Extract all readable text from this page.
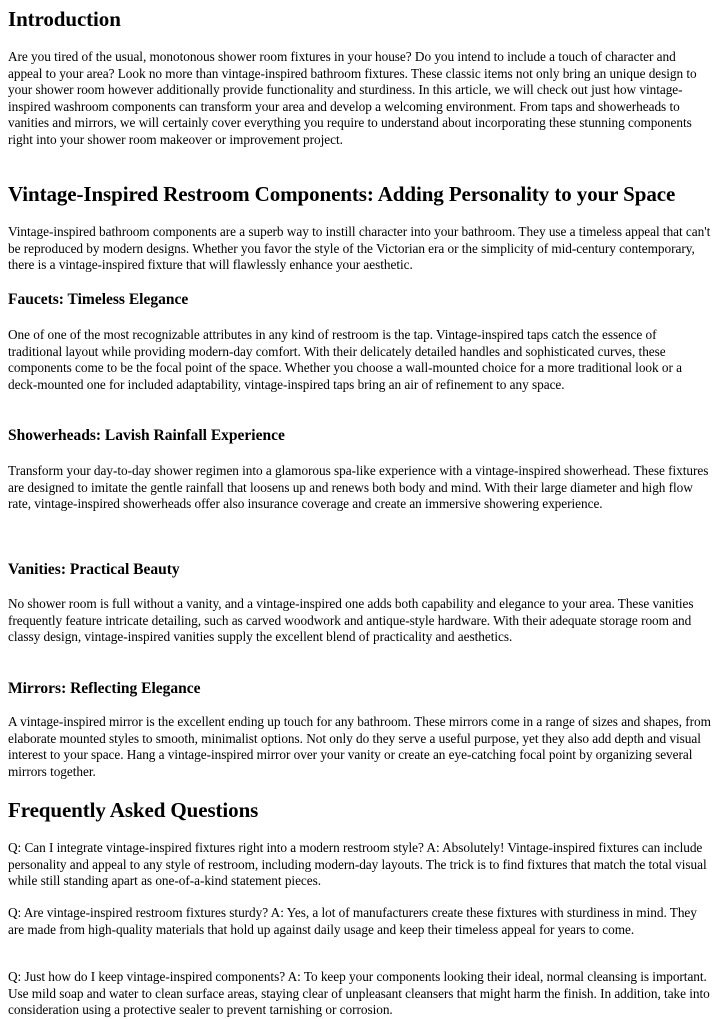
Introduction

Are you tired of the usual, monotonous shower room fixtures in your house? Do you intend to include a touch of character and appeal to your area? Look no more than vintage-inspired bathroom fixtures. These classic items not only bring an unique design to your shower room however additionally provide functionality and sturdiness. In this article, we will check out just how vintage-inspired washroom components can transform your area and develop a welcoming environment. From taps and showerheads to vanities and mirrors, we will certainly cover everything you require to understand about incorporating these stunning components right into your shower room makeover or improvement project.

Vintage-Inspired Restroom Components: Adding Personality to your Space

Vintage-inspired bathroom components are a superb way to instill character into your bathroom. They use a timeless appeal that can't be reproduced by modern designs. Whether you favor the style of the Victorian era or the simplicity of mid-century contemporary, there is a vintage-inspired fixture that will flawlessly enhance your aesthetic.

Faucets: Timeless Elegance

One of one of the most recognizable attributes in any kind of restroom is the tap. Vintage-inspired taps catch the essence of traditional layout while providing modern-day comfort. With their delicately detailed handles and sophisticated curves, these components come to be the focal point of the space. Whether you choose a wall-mounted choice for a more traditional look or a deck-mounted one for included adaptability, vintage-inspired taps bring an air of refinement to any space.

Showerheads: Lavish Rainfall Experience

Transform your day-to-day shower regimen into a glamorous spa-like experience with a vintage-inspired showerhead. These fixtures are designed to imitate the gentle rainfall that loosens up and renews both body and mind. With their large diameter and high flow rate, vintage-inspired showerheads offer also insurance coverage and create an immersive showering experience.

Vanities: Practical Beauty

No shower room is full without a vanity, and a vintage-inspired one adds both capability and elegance to your area. These vanities frequently feature intricate detailing, such as carved woodwork and antique-style hardware. With their adequate storage room and classy design, vintage-inspired vanities supply the excellent blend of practicality and aesthetics.

Mirrors: Reflecting Elegance

A vintage-inspired mirror is the excellent ending up touch for any bathroom. These mirrors come in a range of sizes and shapes, from elaborate mounted styles to smooth, minimalist options. Not only do they serve a useful purpose, yet they also add depth and visual interest to your space. Hang a vintage-inspired mirror over your vanity or create an eye-catching focal point by organizing several mirrors together.

Frequently Asked Questions

Q: Can I integrate vintage-inspired fixtures right into a modern restroom style? A: Absolutely! Vintage-inspired fixtures can include personality and appeal to any style of restroom, including modern-day layouts. The trick is to find fixtures that match the total visual while still standing apart as one-of-a-kind statement pieces.

Q: Are vintage-inspired restroom fixtures sturdy? A: Yes, a lot of manufacturers create these fixtures with sturdiness in mind. They are made from high-quality materials that hold up against daily usage and keep their timeless appeal for years to come.

Q: Just how do I keep vintage-inspired components? A: To keep your components looking their ideal, normal cleansing is important. Use mild soap and water to clean surface areas, staying clear of unpleasant cleansers that might harm the finish. In addition, take into consideration using a protective sealer to prevent tarnishing or corrosion.
